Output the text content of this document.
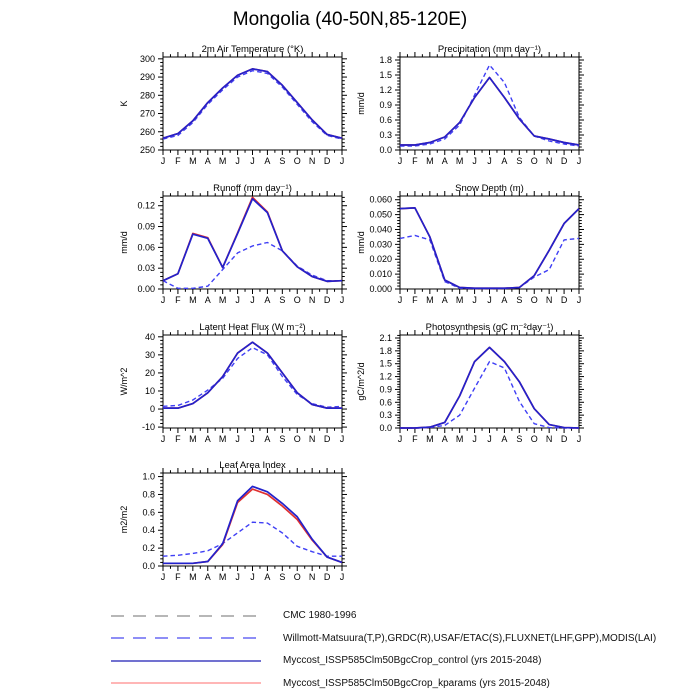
Mongolia (40-50N,85-120E)
J F M A M J J A S O N D J
250
260
270
280
290
300
2m Air Temperature (°K)
K
J F M A M J J A S O N D J
0.0
0.3
0.6
0.9
1.2
1.5
1.8
Precipitation (mm day⁻¹)
mm/d
J F M A M J J A S O N D J
0.00
0.03
0.06
0.09
0.12
Runoff (mm day⁻¹)
mm/d
J F M A M J J A S O N D J
0.000
0.010
0.020
0.030
0.040
0.050
0.060
Snow Depth (m)
mm/d
J F M A M J J A S O N D J
-10
0
10
20
30
40
Latent Heat Flux (W m⁻²)
W/m^2
J F M A M J J A S O N D J
0.0
0.3
0.6
0.9
1.2
1.5
1.8
2.1
Photosynthesis (gC m⁻²day⁻¹)
gC/m^2/d
J F M A M J J A S O N D J
0.0
0.2
0.4
0.6
0.8
1.0
Leaf Area Index
m2/m2
CMC 1980-1996
Willmott-Matsuura(T,P),GRDC(R),USAF/ETAC(S),FLUXNET(LHF,GPP),MODIS(LAI)
Myccost_ISSP585Clm50BgcCrop_control (yrs 2015-2048)
Myccost_ISSP585Clm50BgcCrop_kparams (yrs 2015-2048)
